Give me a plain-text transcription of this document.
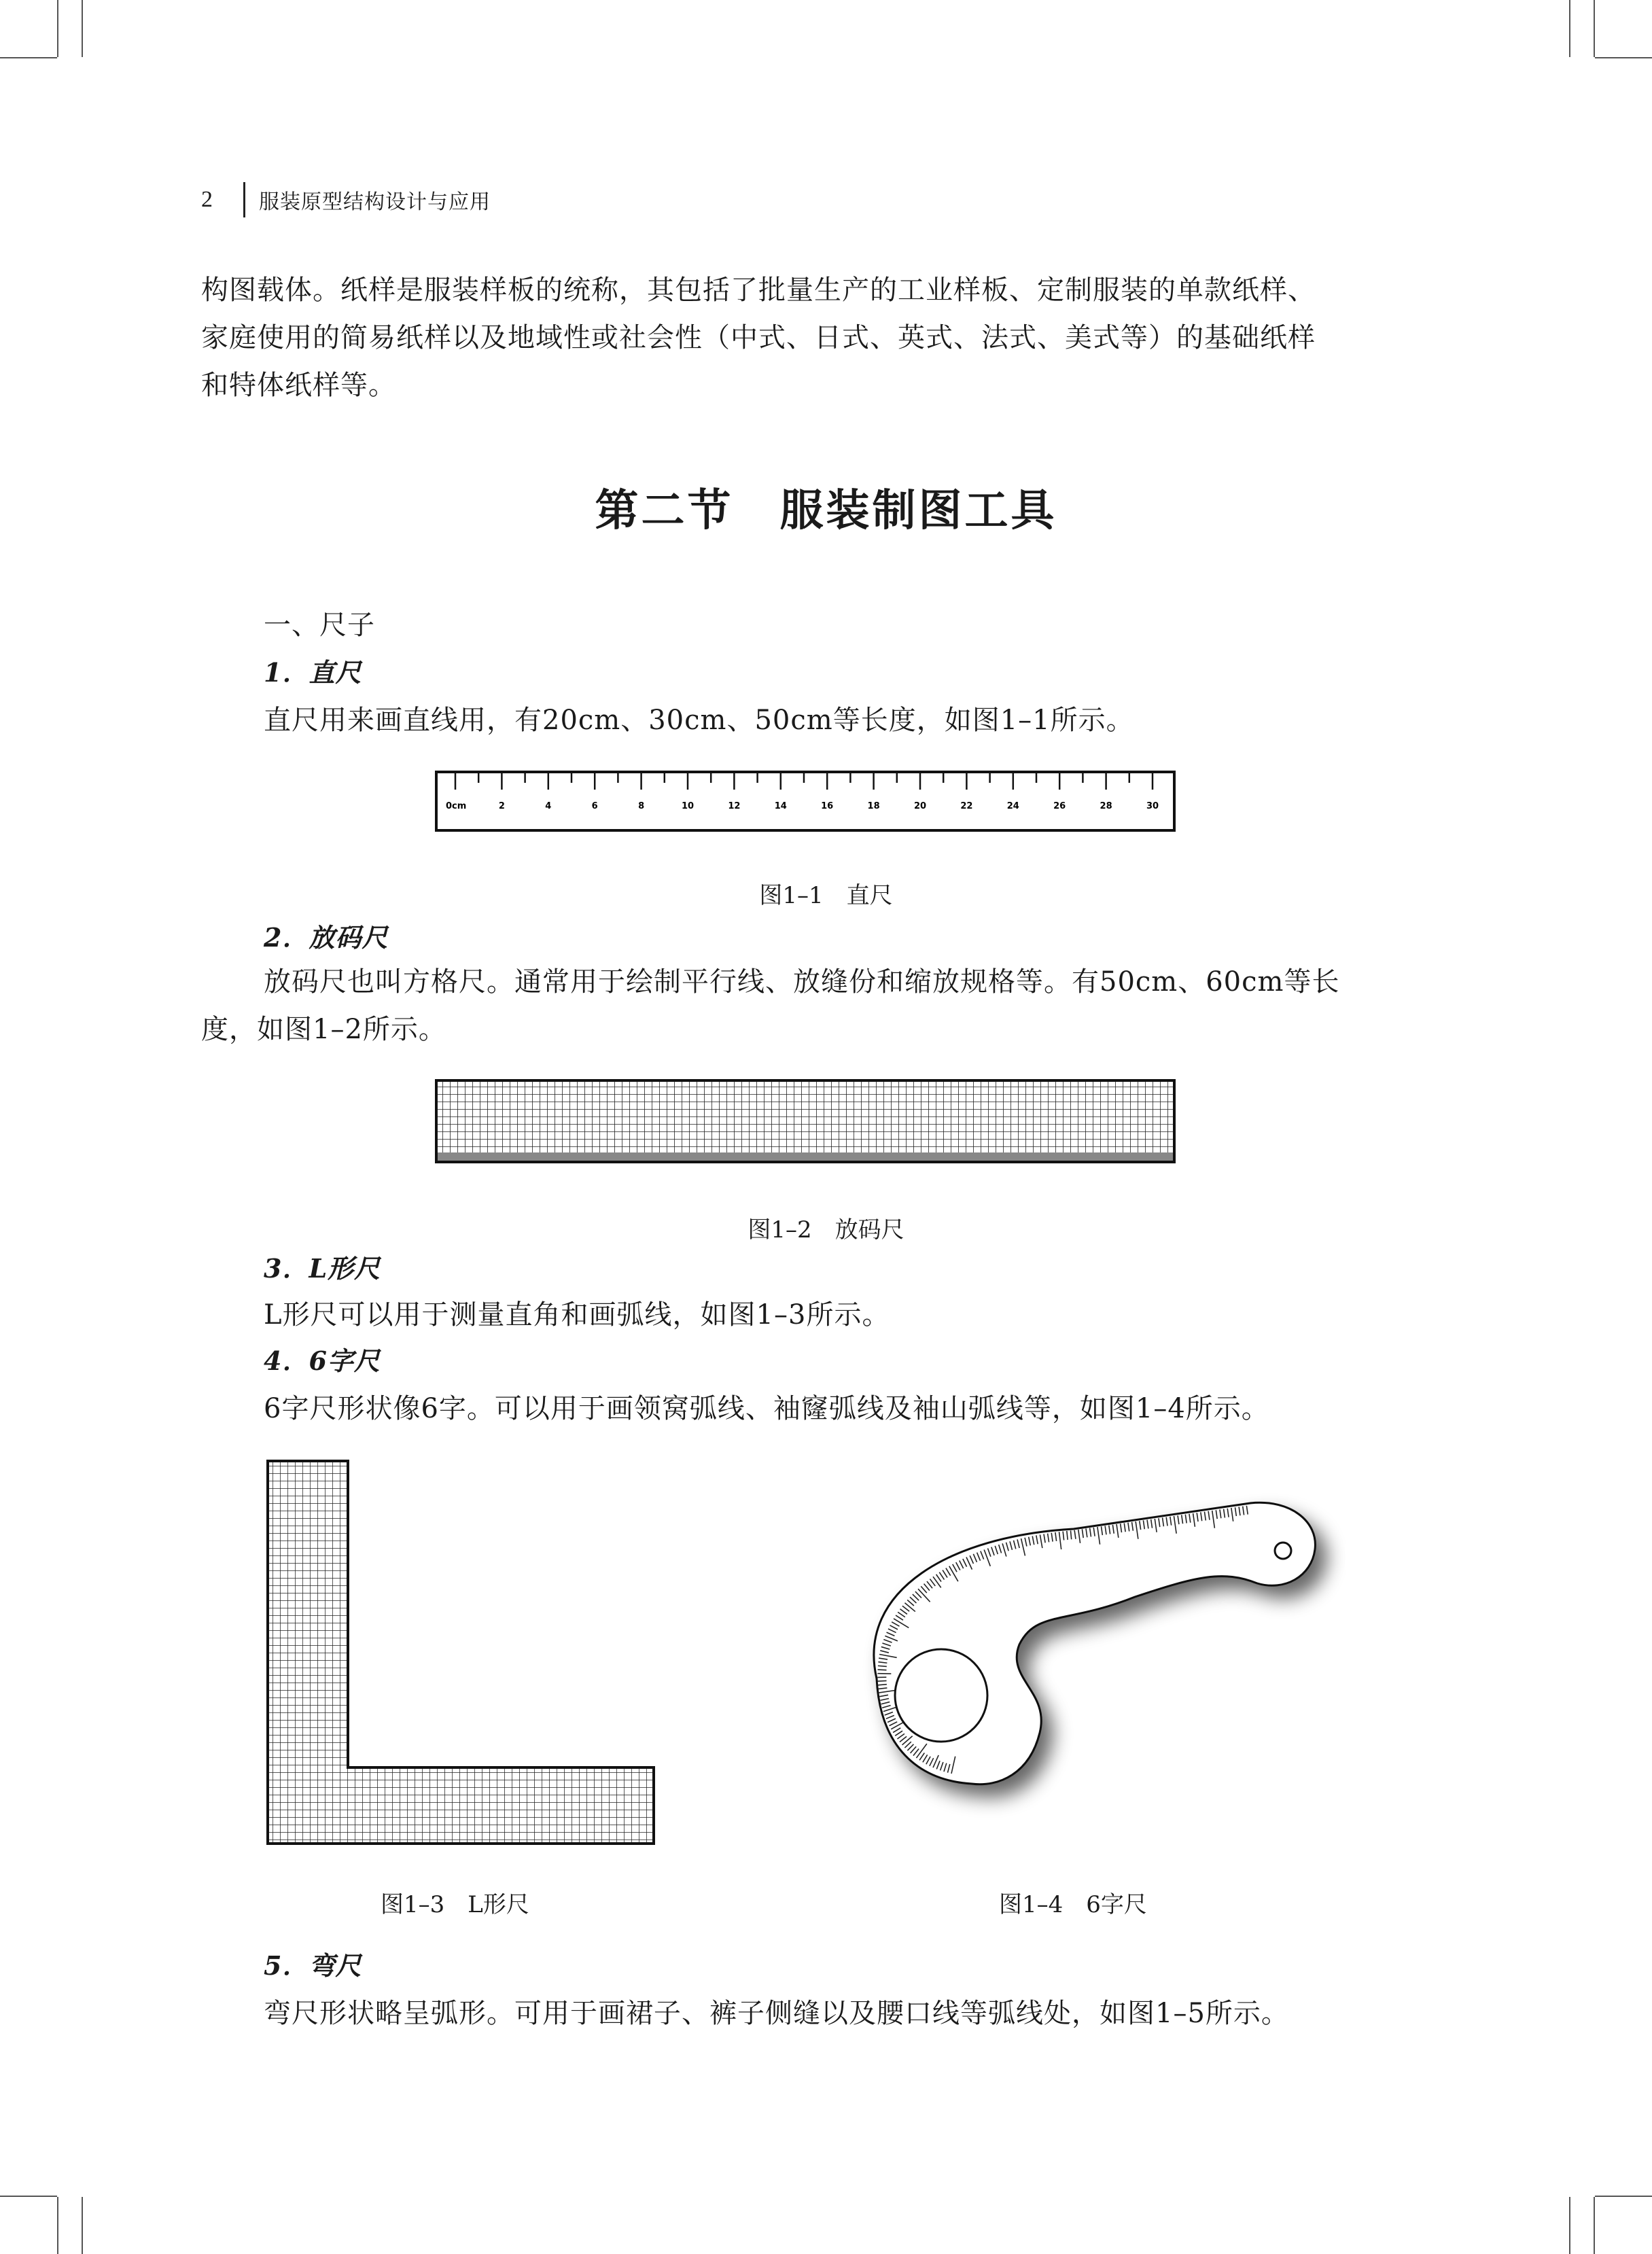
2	服装原型结构设计与应用
构图载体。纸样是服装样板的统称，其包括了批量生产的工业样板、定制服装的单款纸样、
家庭使用的简易纸样以及地域性或社会性（中式、日式、英式、法式、美式等）的基础纸样
和特体纸样等。
第二节　服装制图工具
一、尺子
1．直尺
直尺用来画直线用，有20cm、30cm、50cm等长度，如图1–1所示。
0cm	2	4	6	8	10	12	14	16	18	20	22	24	26	28	30
图1–1　直尺
2．放码尺
放码尺也叫方格尺。通常用于绘制平行线、放缝份和缩放规格等。有50cm、60cm等长
度，如图1–2所示。
图1–2　放码尺
3．L形尺
L形尺可以用于测量直角和画弧线，如图1–3所示。
4．6字尺
6字尺形状像6字。可以用于画领窝弧线、袖窿弧线及袖山弧线等，如图1–4所示。
图1–3　L形尺	图1–4　6字尺
5．弯尺
弯尺形状略呈弧形。可用于画裙子、裤子侧缝以及腰口线等弧线处，如图1–5所示。
